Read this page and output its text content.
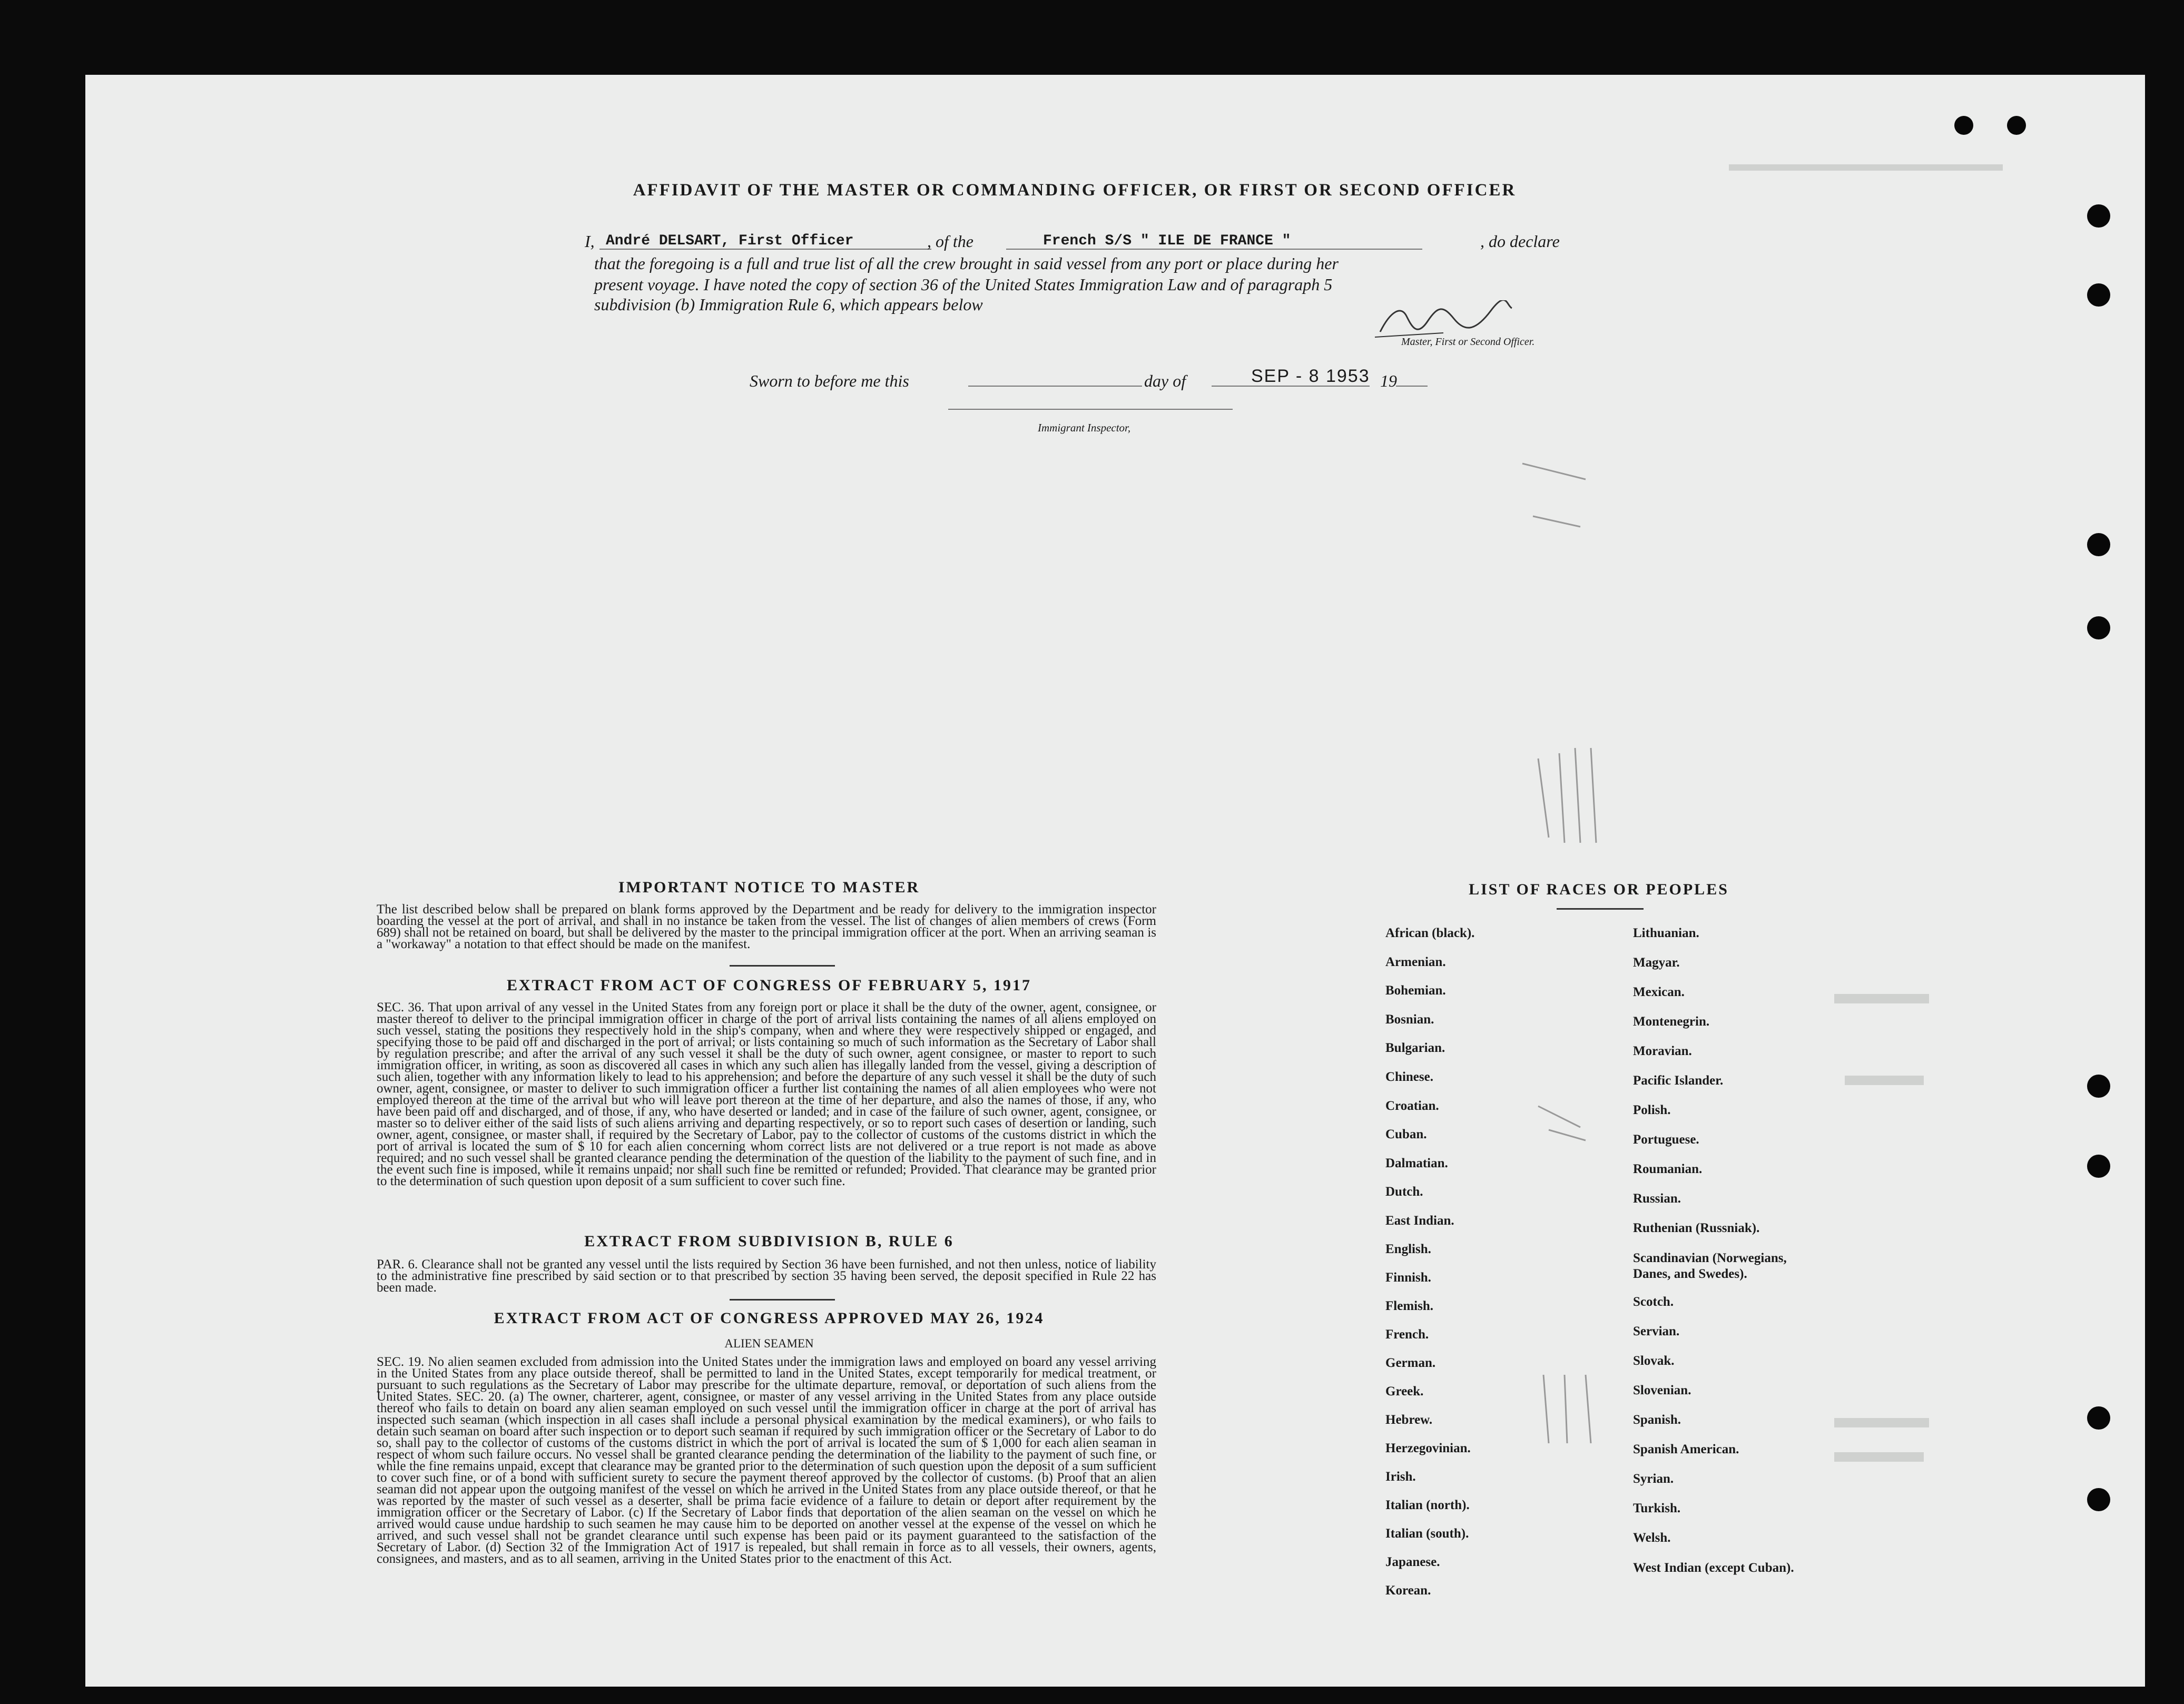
AFFIDAVIT OF THE MASTER OR COMMANDING OFFICER, OR FIRST OR SECOND OFFICER
I, André DELSART, First Officer	, of the	French S/S " ILE DE FRANCE "	, do declare
that the foregoing is a full and true list of all the crew brought in said vessel from any port or place during her
present voyage. I have noted the copy of section 36 of the United States Immigration Law and of paragraph 5
subdivision (b) Immigration Rule 6, which appears below
Master, First or Second Officer.
Sworn to before me this	day of	SEP - 8 1953 19
Immigrant Inspector,
IMPORTANT NOTICE TO MASTER
The list described below shall be prepared on blank forms approved by the Department and be ready for delivery to the immigration inspector boarding the vessel at the port of arrival, and shall in no instance be taken from the vessel. The list of changes of alien members of crews (Form 689) shall not be retained on board, but shall be delivered by the master to the principal immigration officer at the port. When an arriving seaman is a "workaway" a notation to that effect should be made on the manifest.
EXTRACT FROM ACT OF CONGRESS OF FEBRUARY 5, 1917
SEC. 36. That upon arrival of any vessel in the United States from any foreign port or place it shall be the duty of the owner, agent, consignee, or master thereof to deliver to the principal immigration officer in charge of the port of arrival lists containing the names of all aliens employed on such vessel, stating the positions they respectively hold in the ship's company, when and where they were respectively shipped or engaged, and specifying those to be paid off and discharged in the port of arrival; or lists containing so much of such information as the Secretary of Labor shall by regulation prescribe; and after the arrival of any such vessel it shall be the duty of such owner, agent consignee, or master to report to such immigration officer, in writing, as soon as discovered all cases in which any such alien has illegally landed from the vessel, giving a description of such alien, together with any information likely to lead to his apprehension; and before the departure of any such vessel it shall be the duty of such owner, agent, consignee, or master to deliver to such immigration officer a further list containing the names of all alien employees who were not employed thereon at the time of the arrival but who will leave port thereon at the time of her departure, and also the names of those, if any, who have been paid off and discharged, and of those, if any, who have deserted or landed; and in case of the failure of such owner, agent, consignee, or master so to deliver either of the said lists of such aliens arriving and departing respectively, or so to report such cases of desertion or landing, such owner, agent, consignee, or master shall, if required by the Secretary of Labor, pay to the collector of customs of the customs district in which the port of arrival is located the sum of $ 10 for each alien concerning whom correct lists are not delivered or a true report is not made as above required; and no such vessel shall be granted clearance pending the determination of the question of the liability to the payment of such fine, and in the event such fine is imposed, while it remains unpaid; nor shall such fine be remitted or refunded; Provided. That clearance may be granted prior to the determination of such question upon deposit of a sum sufficient to cover such fine.
EXTRACT FROM SUBDIVISION B, RULE 6
PAR. 6. Clearance shall not be granted any vessel until the lists required by Section 36 have been furnished, and not then unless, notice of liability to the administrative fine prescribed by said section or to that prescribed by section 35 having been served, the deposit specified in Rule 22 has been made.
EXTRACT FROM ACT OF CONGRESS APPROVED MAY 26, 1924
ALIEN SEAMEN
SEC. 19. No alien seamen excluded from admission into the United States under the immigration laws and employed on board any vessel arriving in the United States from any place outside thereof, shall be permitted to land in the United States, except temporarily for medical treatment, or pursuant to such regulations as the Secretary of Labor may prescribe for the ultimate departure, removal, or deportation of such aliens from the United States. SEC. 20. (a) The owner, charterer, agent, consignee, or master of any vessel arriving in the United States from any place outside thereof who fails to detain on board any alien seaman employed on such vessel until the immigration officer in charge at the port of arrival has inspected such seaman (which inspection in all cases shall include a personal physical examination by the medical examiners), or who fails to detain such seaman on board after such inspection or to deport such seaman if required by such immigration officer or the Secretary of Labor to do so, shall pay to the collector of customs of the customs district in which the port of arrival is located the sum of $ 1,000 for each alien seaman in respect of whom such failure occurs. No vessel shall be granted clearance pending the determination of the liability to the payment of such fine, or while the fine remains unpaid, except that clearance may be granted prior to the determination of such question upon the deposit of a sum sufficient to cover such fine, or of a bond with sufficient surety to secure the payment thereof approved by the collector of customs. (b) Proof that an alien seaman did not appear upon the outgoing manifest of the vessel on which he arrived in the United States from any place outside thereof, or that he was reported by the master of such vessel as a deserter, shall be prima facie evidence of a failure to detain or deport after requirement by the immigration officer or the Secretary of Labor. (c) If the Secretary of Labor finds that deportation of the alien seaman on the vessel on which he arrived would cause undue hardship to such seamen he may cause him to be deported on another vessel at the expense of the vessel on which he arrived, and such vessel shall not be grandet clearance until such expense has been paid or its payment guaranteed to the satisfaction of the Secretary of Labor. (d) Section 32 of the Immigration Act of 1917 is repealed, but shall remain in force as to all vessels, their owners, agents, consignees, and masters, and as to all seamen, arriving in the United States prior to the enactment of this Act.
LIST OF RACES OR PEOPLES
African (black).
Armenian.
Bohemian.
Bosnian.
Bulgarian.
Chinese.
Croatian.
Cuban.
Dalmatian.
Dutch.
East Indian.
English.
Finnish.
Flemish.
French.
German.
Greek.
Hebrew.
Herzegovinian.
Irish.
Italian (north).
Italian (south).
Japanese.
Korean.
Lithuanian.
Magyar.
Mexican.
Montenegrin.
Moravian.
Pacific Islander.
Polish.
Portuguese.
Roumanian.
Russian.
Ruthenian (Russniak).
Scandinavian (Norwegians, Danes, and Swedes).
Scotch.
Servian.
Slovak.
Slovenian.
Spanish.
Spanish American.
Syrian.
Turkish.
Welsh.
West Indian (except Cuban).
